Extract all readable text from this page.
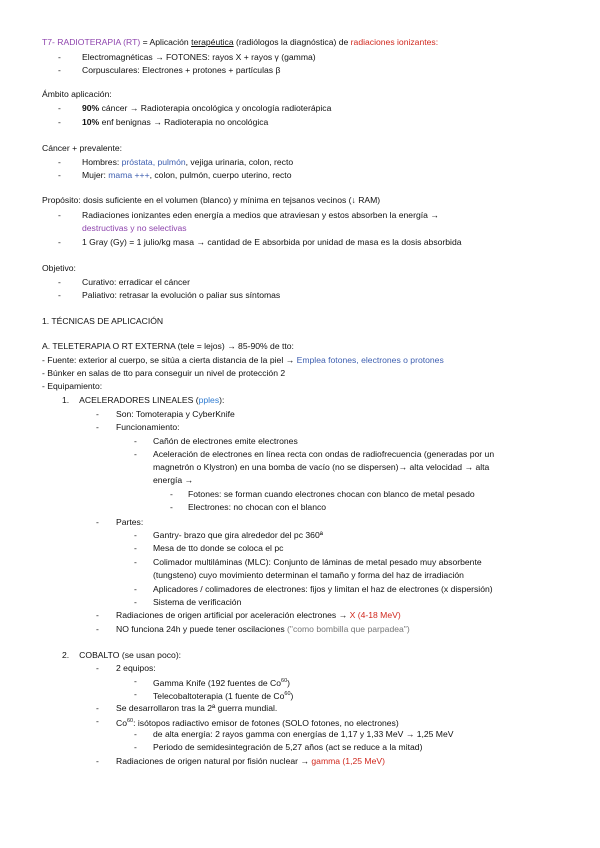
T7- RADIOTERAPIA (RT) = Aplicación terapéutica (radiólogos la diagnóstica) de radiaciones ionizantes:
- Electromagnéticas → FOTONES: rayos X + rayos γ (gamma)
- Corpusculares: Electrones + protones + partículas β
Ámbito aplicación:
- 90% cáncer → Radioterapia oncológica y oncología radioterápica
- 10% enf benignas → Radioterapia no oncológica
Cáncer + prevalente:
- Hombres: próstata, pulmón, vejiga urinaria, colon, recto
- Mujer: mama +++, colon, pulmón, cuerpo uterino, recto
Propósito: dosis suficiente en el volumen (blanco) y mínima en tejsanos vecinos (↓ RAM)
- Radiaciones ionizantes eden energía a medios que atraviesan y estos absorben la energía →
destructivas y no selectivas
- 1 Gray (Gy) = 1 julio/kg masa → cantidad de E absorbida por unidad de masa es la dosis absorbida
Objetivo:
- Curativo: erradicar el cáncer
- Paliativo: retrasar la evolución o paliar sus síntomas
1. TÉCNICAS DE APLICACIÓN
A. TELETERAPIA O RT EXTERNA (tele = lejos) → 85-90% de tto:
- Fuente: exterior al cuerpo, se sitúa a cierta distancia de la piel → Emplea fotones, electrones o protones
- Búnker en salas de tto para conseguir un nivel de protección 2
- Equipamiento:
1. ACELERADORES LINEALES (pples):
- Son: Tomoterapia y CyberKnife
- Funcionamiento:
- Cañón de electrones emite electrones
- Aceleración de electrones en línea recta con ondas de radiofrecuencia (generadas por un
magnetrón o Klystron) en una bomba de vacío (no se dispersen)→ alta velocidad → alta
energía →
- Fotones: se forman cuando electrones chocan con blanco de metal pesado
- Electrones: no chocan con el blanco
- Partes:
- Gantry- brazo que gira alrededor del pc 360ª
- Mesa de tto donde se coloca el pc
- Colimador multiláminas (MLC): Conjunto de láminas de metal pesado muy absorbente
(tungsteno) cuyo movimiento determinan el tamaño y forma del haz de irradiación
- Aplicadores / colimadores de electrones: fijos y limitan el haz de electrones (x dispersión)
- Sistema de verificación
- Radiaciones de origen artificial por aceleración electrones → X (4-18 MeV)
- NO funciona 24h y puede tener oscilaciones ("como bombilla que parpadea")
2. COBALTO (se usan poco):
- 2 equipos:
- Gamma Knife (192 fuentes de Co$^{60}$)
- Telecobaltoterapia (1 fuente de Co$^{60}$)
- Se desarrollaron tras la 2ª guerra mundial.
- Co$^{60}$: isótopos radiactivo emisor de fotones (SOLO fotones, no electrones)
- de alta energía: 2 rayos gamma con energías de 1,17 y 1,33 MeV → 1,25 MeV
- Periodo de semidesintegración de 5,27 años (act se reduce a la mitad)
- Radiaciones de origen natural por fisión nuclear → gamma (1,25 MeV)
